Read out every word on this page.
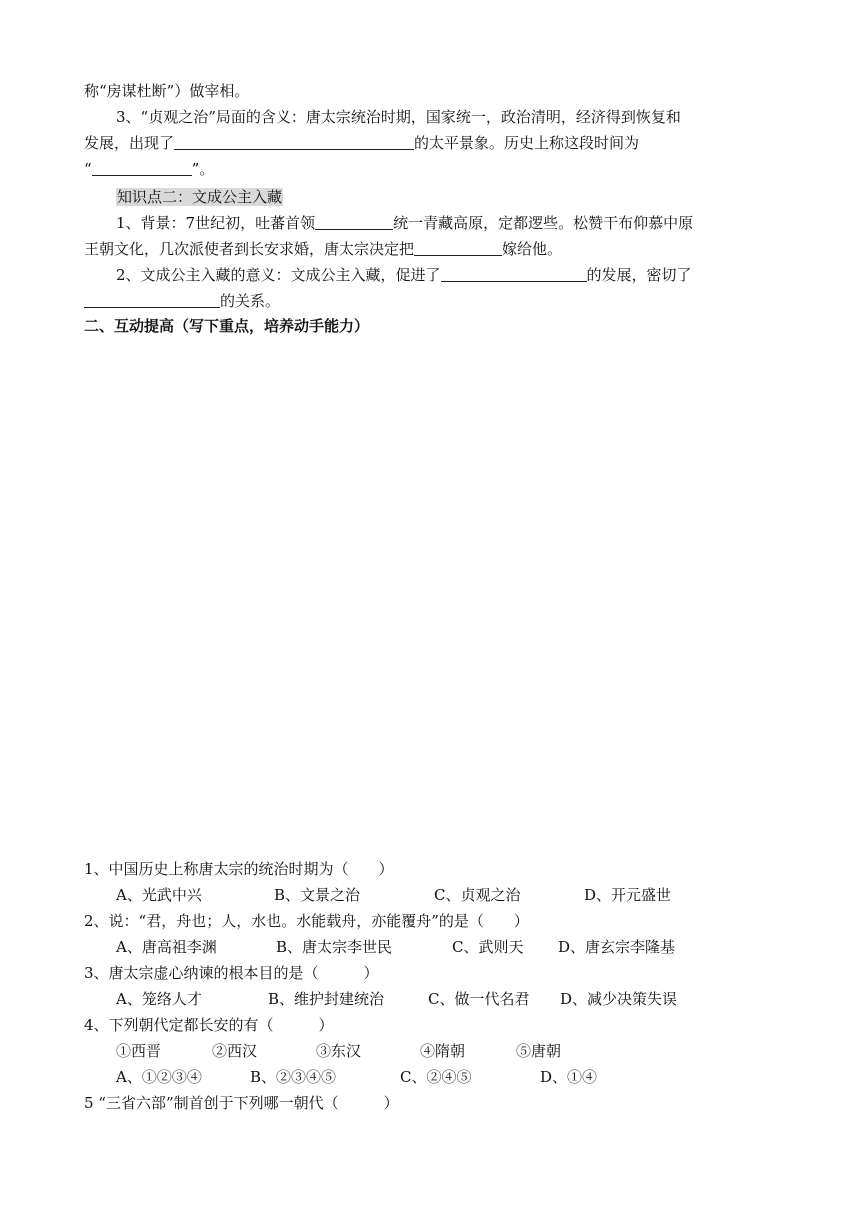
称“房谋杜断”）做宰相。
3、“贞观之治”局面的含义：唐太宗统治时期，国家统一，政治清明，经济得到恢复和
发展，出现了	的太平景象。历史上称这段时间为
“	”。
知识点二：文成公主入藏
1、背景：7世纪初，吐蕃首领	统一青藏高原，定都逻些。松赞干布仰慕中原
王朝文化，几次派使者到长安求婚，唐太宗决定把	嫁给他。
2、文成公主入藏的意义：文成公主入藏，促进了	的发展，密切了
的关系。
二、互动提高（写下重点，培养动手能力）
1、中国历史上称唐太宗的统治时期为（　　）
A、光武中兴	B、文景之治	C、贞观之治	D、开元盛世
2、说：“君，舟也；人，水也。水能载舟，亦能覆舟”的是（　　）
A、唐高祖李渊	B、唐太宗李世民	C、武则天 D、唐玄宗李隆基
3、唐太宗虚心纳谏的根本目的是（　　　）
A、笼络人才	B、维护封建统治	C、做一代名君 D、减少决策失误
4、下列朝代定都长安的有（　　　）
①西晋	②西汉	③东汉	④隋朝	⑤唐朝
A、①②③④	B、②③④⑤	C、②④⑤	D、①④
5 “三省六部”制首创于下列哪一朝代（　　　）
